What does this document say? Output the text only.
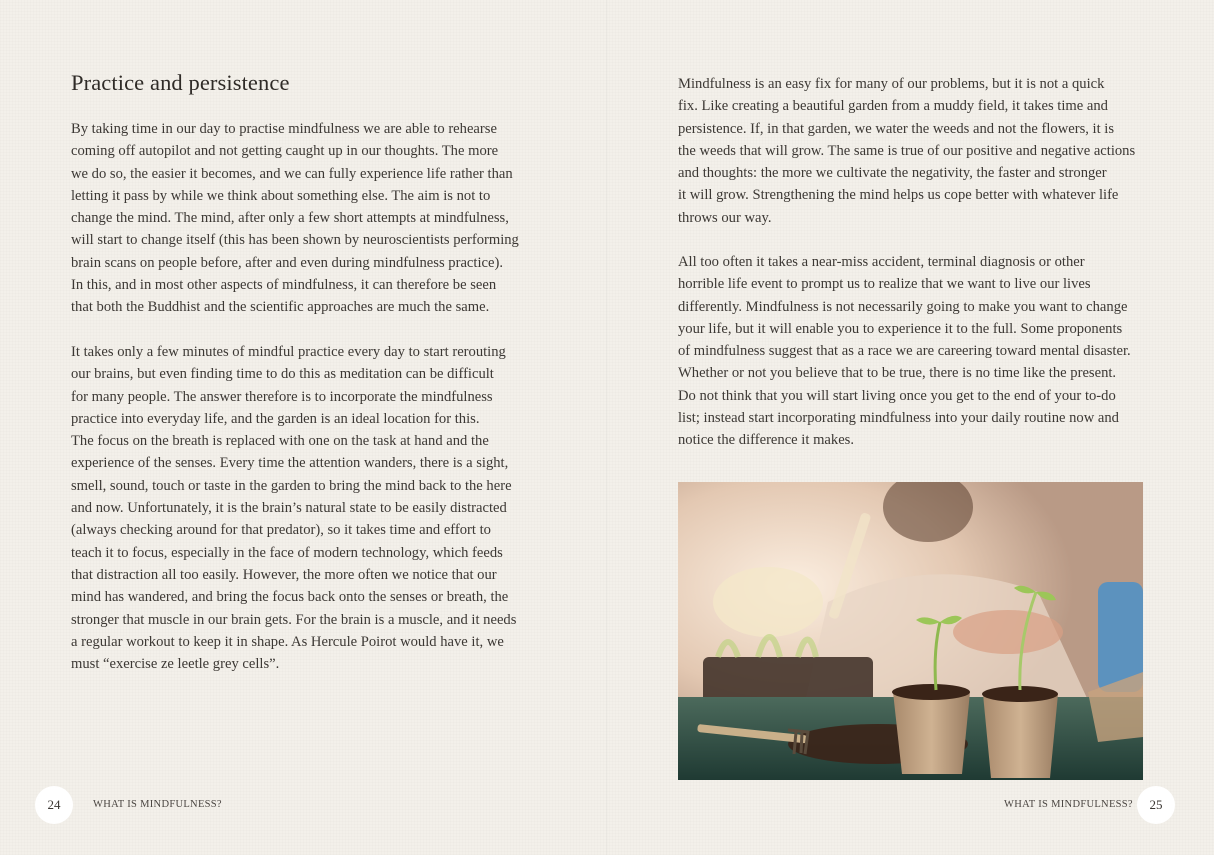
Practice and persistence

By taking time in our day to practise mindfulness we are able to rehearse
coming off autopilot and not getting caught up in our thoughts. The more
we do so, the easier it becomes, and we can fully experience life rather than
letting it pass by while we think about something else. The aim is not to
change the mind. The mind, after only a few short attempts at mindfulness,
will start to change itself (this has been shown by neuroscientists performing
brain scans on people before, after and even during mindfulness practice).
In this, and in most other aspects of mindfulness, it can therefore be seen
that both the Buddhist and the scientific approaches are much the same.

It takes only a few minutes of mindful practice every day to start rerouting
our brains, but even finding time to do this as meditation can be difficult
for many people. The answer therefore is to incorporate the mindfulness
practice into everyday life, and the garden is an ideal location for this.
The focus on the breath is replaced with one on the task at hand and the
experience of the senses. Every time the attention wanders, there is a sight,
smell, sound, touch or taste in the garden to bring the mind back to the here
and now. Unfortunately, it is the brain’s natural state to be easily distracted
(always checking around for that predator), so it takes time and effort to
teach it to focus, especially in the face of modern technology, which feeds
that distraction all too easily. However, the more often we notice that our
mind has wandered, and bring the focus back onto the senses or breath, the
stronger that muscle in our brain gets. For the brain is a muscle, and it needs
a regular workout to keep it in shape. As Hercule Poirot would have it, we
must “exercise ze leetle grey cells”.

24	WHAT IS MINDFULNESS?

Mindfulness is an easy fix for many of our problems, but it is not a quick
fix. Like creating a beautiful garden from a muddy field, it takes time and
persistence. If, in that garden, we water the weeds and not the flowers, it is
the weeds that will grow. The same is true of our positive and negative actions
and thoughts: the more we cultivate the negativity, the faster and stronger
it will grow. Strengthening the mind helps us cope better with whatever life
throws our way.

All too often it takes a near-miss accident, terminal diagnosis or other
horrible life event to prompt us to realize that we want to live our lives
differently. Mindfulness is not necessarily going to make you want to change
your life, but it will enable you to experience it to the full. Some proponents
of mindfulness suggest that as a race we are careering toward mental disaster.
Whether or not you believe that to be true, there is no time like the present.
Do not think that you will start living once you get to the end of your to-do
list; instead start incorporating mindfulness into your daily routine now and
notice the difference it makes.

WHAT IS MINDFULNESS?	25
